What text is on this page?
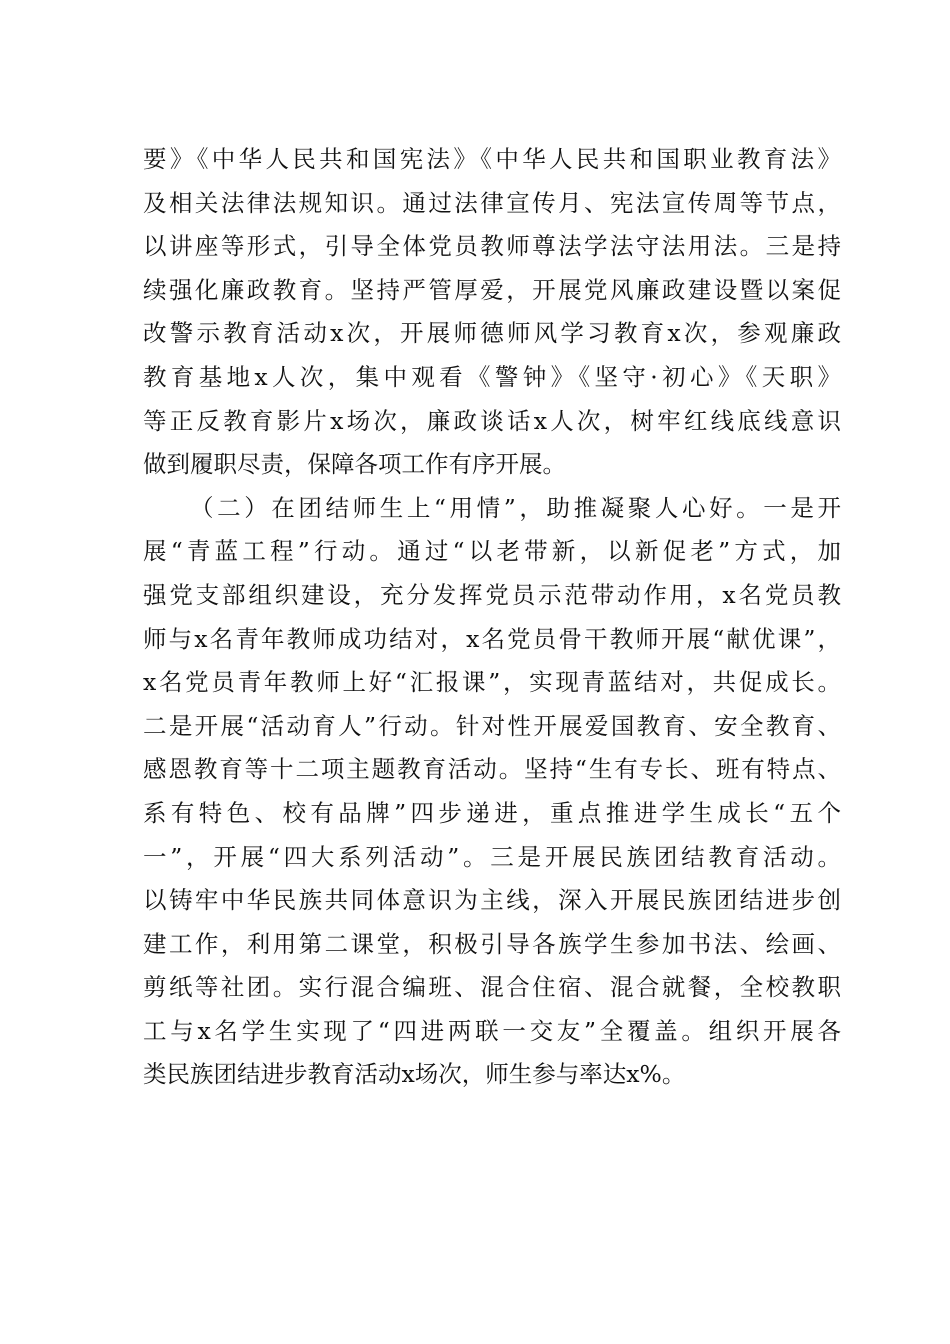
要》《中华人民共和国宪法》《中华人民共和国职业教育法》
及相关法律法规知识。通过法律宣传月、宪法宣传周等节点，
以讲座等形式，引导全体党员教师尊法学法守法用法。三是持
续强化廉政教育。坚持严管厚爱，开展党风廉政建设暨以案促
改警示教育活动x次，开展师德师风学习教育x次，参观廉政
教育基地x人次，集中观看《警钟》《坚守·初心》《天职》
等正反教育影片x场次，廉政谈话x人次，树牢红线底线意识
做到履职尽责，保障各项工作有序开展。
（二）在团结师生上“用情”，助推凝聚人心好。一是开
展“青蓝工程”行动。通过“以老带新，以新促老”方式，加
强党支部组织建设，充分发挥党员示范带动作用，x名党员教
师与x名青年教师成功结对，x名党员骨干教师开展“献优课”，
x名党员青年教师上好“汇报课”，实现青蓝结对，共促成长。
二是开展“活动育人”行动。针对性开展爱国教育、安全教育、
感恩教育等十二项主题教育活动。坚持“生有专长、班有特点、
系有特色、校有品牌”四步递进，重点推进学生成长“五个
一”，开展“四大系列活动”。三是开展民族团结教育活动。
以铸牢中华民族共同体意识为主线，深入开展民族团结进步创
建工作，利用第二课堂，积极引导各族学生参加书法、绘画、
剪纸等社团。实行混合编班、混合住宿、混合就餐，全校教职
工与x名学生实现了“四进两联一交友”全覆盖。组织开展各
类民族团结进步教育活动x场次，师生参与率达x%。
